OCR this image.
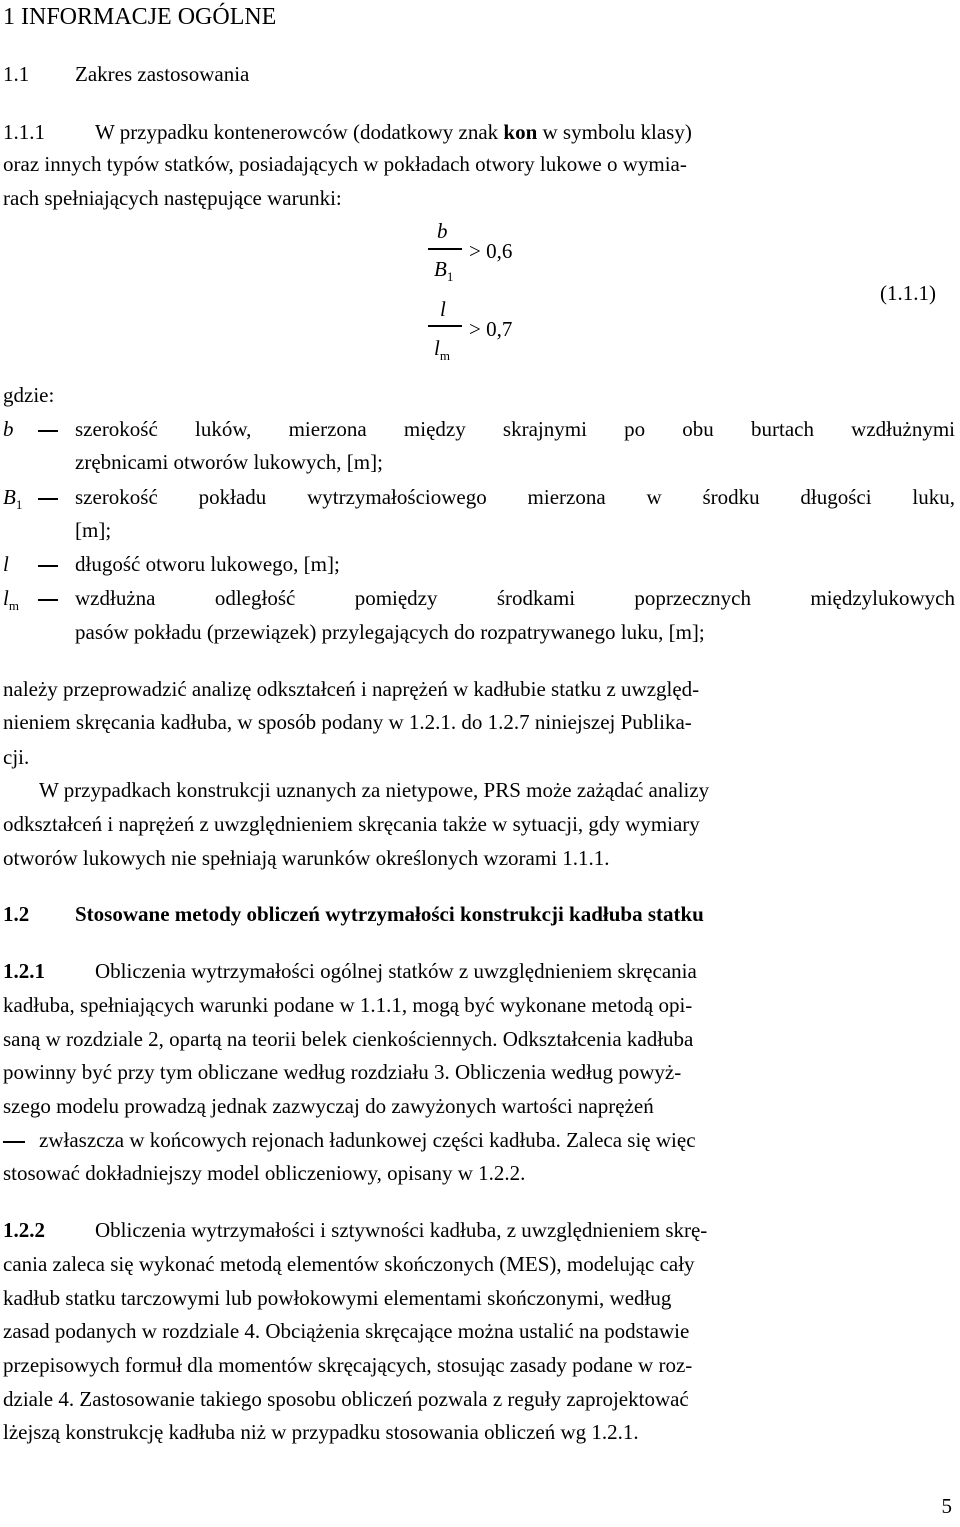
1 INFORMACJE OGÓLNE
1.1 Zakres zastosowania
1.1.1 W przypadku kontenerowców (dodatkowy znak kon w symbolu klasy)
oraz innych typów statków, posiadających w pokładach otwory lukowe o wymia-
rach spełniających następujące warunki:
b
$B_1$
> 0,6
l
$l_m$
> 0,7
(1.1.1)
gdzie:
b	szerokość luków, mierzona między skrajnymi po obu burtach wzdłużnymi
zrębnicami otworów lukowych, [m];
$B_1$	szerokość pokładu wytrzymałościowego mierzona w środku długości luku,
[m];
l	długość otworu lukowego, [m];
$l_m$	wzdłużna odległość pomiędzy środkami poprzecznych międzylukowych
pasów pokładu (przewiązek) przylegających do rozpatrywanego luku, [m];
należy przeprowadzić analizę odkształceń i naprężeń w kadłubie statku z uwzględ-
nieniem skręcania kadłuba, w sposób podany w 1.2.1. do 1.2.7 niniejszej Publika-
cji.
W przypadkach konstrukcji uznanych za nietypowe, PRS może zażądać analizy
odkształceń i naprężeń z uwzględnieniem skręcania także w sytuacji, gdy wymiary
otworów lukowych nie spełniają warunków określonych wzorami 1.1.1.
1.2 Stosowane metody obliczeń wytrzymałości konstrukcji kadłuba statku
1.2.1 Obliczenia wytrzymałości ogólnej statków z uwzględnieniem skręcania
kadłuba, spełniających warunki podane w 1.1.1, mogą być wykonane metodą opi-
saną w rozdziale 2, opartą na teorii belek cienkościennych. Odkształcenia kadłuba
powinny być przy tym obliczane według rozdziału 3. Obliczenia według powyż-
szego modelu prowadzą jednak zazwyczaj do zawyżonych wartości naprężeń
zwłaszcza w końcowych rejonach ładunkowej części kadłuba. Zaleca się więc
stosować dokładniejszy model obliczeniowy, opisany w 1.2.2.
1.2.2 Obliczenia wytrzymałości i sztywności kadłuba, z uwzględnieniem skrę-
cania zaleca się wykonać metodą elementów skończonych (MES), modelując cały
kadłub statku tarczowymi lub powłokowymi elementami skończonymi, według
zasad podanych w rozdziale 4. Obciążenia skręcające można ustalić na podstawie
przepisowych formuł dla momentów skręcających, stosując zasady podane w roz-
dziale 4. Zastosowanie takiego sposobu obliczeń pozwala z reguły zaprojektować
lżejszą konstrukcję kadłuba niż w przypadku stosowania obliczeń wg 1.2.1.
5
